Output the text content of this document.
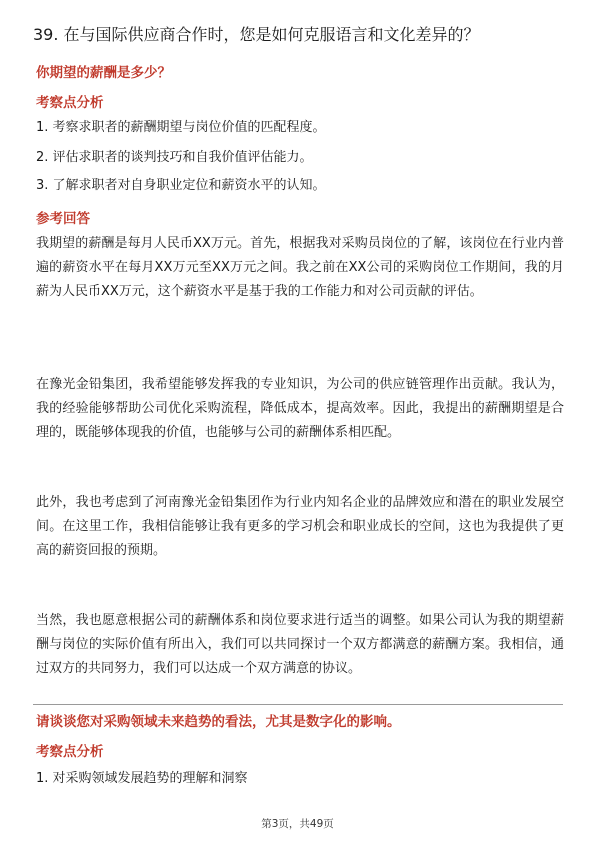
39. 在与国际供应商合作时，您是如何克服语言和文化差异的？
你期望的薪酬是多少？
考察点分析
1. 考察求职者的薪酬期望与岗位价值的匹配程度。
2. 评估求职者的谈判技巧和自我价值评估能力。
3. 了解求职者对自身职业定位和薪资水平的认知。
参考回答
我期望的薪酬是每月人民币XX万元。首先，根据我对采购员岗位的了解，该岗位在行业内普遍的薪资水平在每月XX万元至XX万元之间。我之前在XX公司的采购岗位工作期间，我的月薪为人民币XX万元，这个薪资水平是基于我的工作能力和对公司贡献的评估。
在豫光金铅集团，我希望能够发挥我的专业知识，为公司的供应链管理作出贡献。我认为，我的经验能够帮助公司优化采购流程，降低成本，提高效率。因此，我提出的薪酬期望是合理的，既能够体现我的价值，也能够与公司的薪酬体系相匹配。
此外，我也考虑到了河南豫光金铅集团作为行业内知名企业的品牌效应和潜在的职业发展空间。在这里工作，我相信能够让我有更多的学习机会和职业成长的空间，这也为我提供了更高的薪资回报的预期。
当然，我也愿意根据公司的薪酬体系和岗位要求进行适当的调整。如果公司认为我的期望薪酬与岗位的实际价值有所出入，我们可以共同探讨一个双方都满意的薪酬方案。我相信，通过双方的共同努力，我们可以达成一个双方满意的协议。
请谈谈您对采购领域未来趋势的看法，尤其是数字化的影响。
考察点分析
1. 对采购领域发展趋势的理解和洞察
第3页，共49页
